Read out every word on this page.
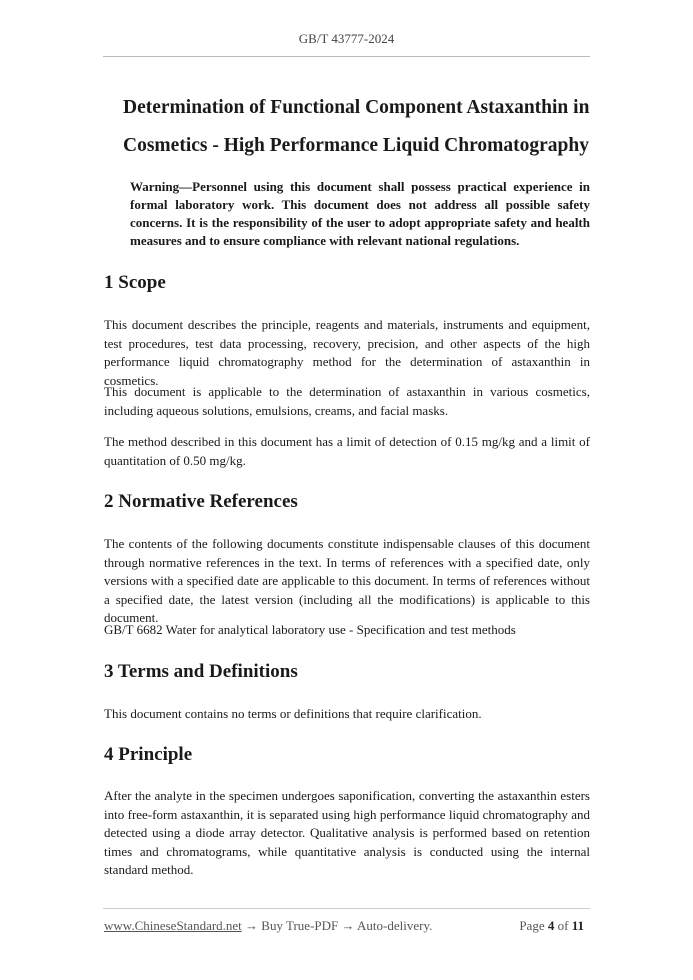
GB/T 43777-2024
Determination of Functional Component Astaxanthin in
Cosmetics - High Performance Liquid Chromatography
Warning—Personnel using this document shall possess practical experience in formal laboratory work. This document does not address all possible safety concerns. It is the responsibility of the user to adopt appropriate safety and health measures and to ensure compliance with relevant national regulations.
1 Scope
This document describes the principle, reagents and materials, instruments and equipment, test procedures, test data processing, recovery, precision, and other aspects of the high performance liquid chromatography method for the determination of astaxanthin in cosmetics.
This document is applicable to the determination of astaxanthin in various cosmetics, including aqueous solutions, emulsions, creams, and facial masks.
The method described in this document has a limit of detection of 0.15 mg/kg and a limit of quantitation of 0.50 mg/kg.
2 Normative References
The contents of the following documents constitute indispensable clauses of this document through normative references in the text. In terms of references with a specified date, only versions with a specified date are applicable to this document. In terms of references without a specified date, the latest version (including all the modifications) is applicable to this document.
GB/T 6682 Water for analytical laboratory use - Specification and test methods
3 Terms and Definitions
This document contains no terms or definitions that require clarification.
4 Principle
After the analyte in the specimen undergoes saponification, converting the astaxanthin esters into free-form astaxanthin, it is separated using high performance liquid chromatography and detected using a diode array detector. Qualitative analysis is performed based on retention times and chromatograms, while quantitative analysis is conducted using the internal standard method.
www.ChineseStandard.net → Buy True-PDF → Auto-delivery.	Page 4 of 11
